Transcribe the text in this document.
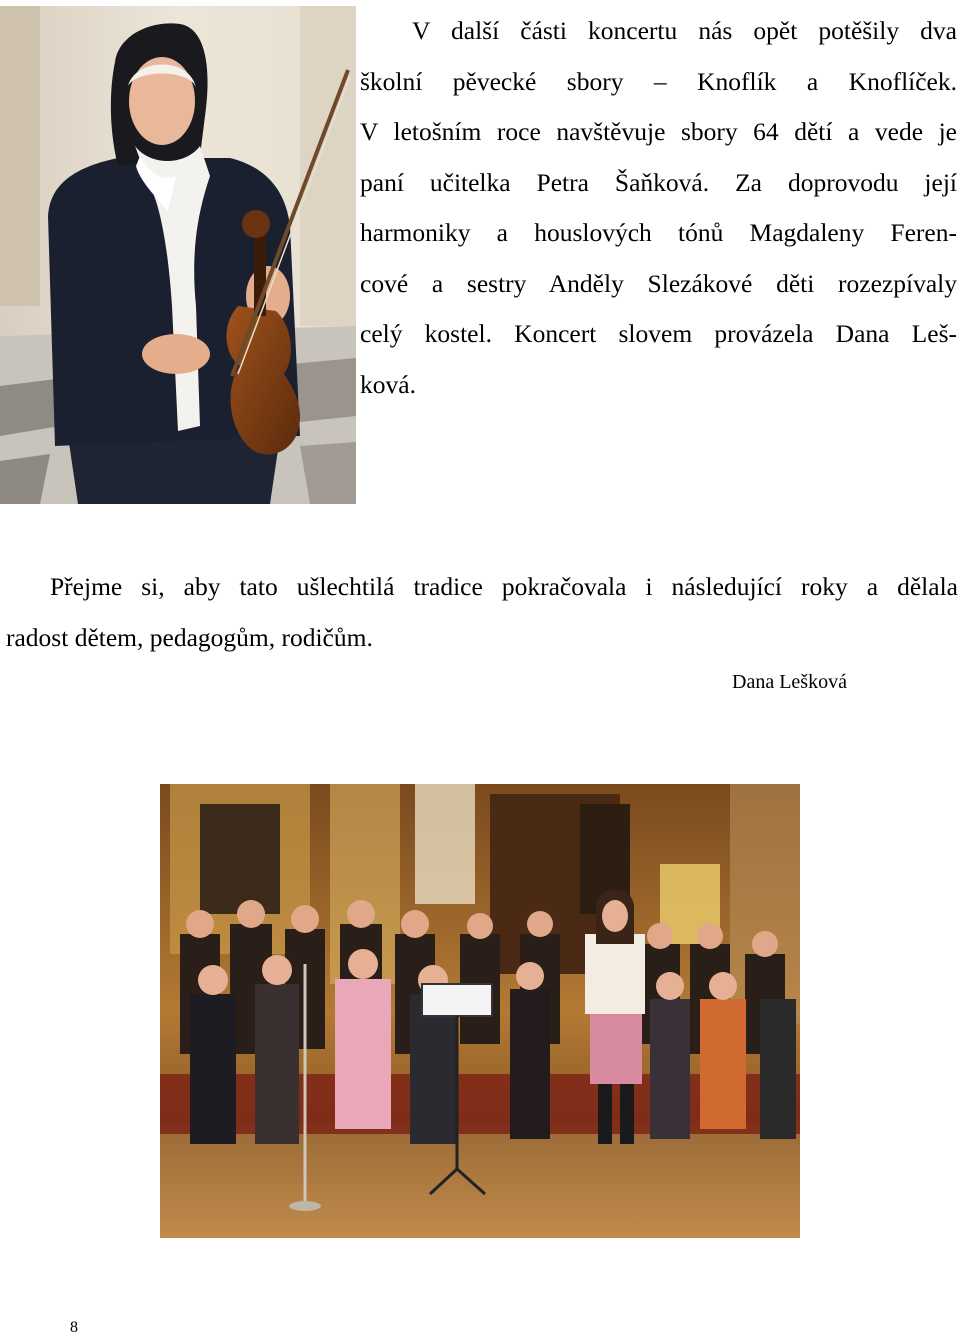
V další části koncertu nás opět potěšily dva
školní pěvecké sbory – Knoflík a Knoflíček.
V letošním roce navštěvuje sbory 64 dětí a vede je
paní učitelka Petra Šaňková. Za doprovodu její
harmoniky a houslových tónů Magdaleny Feren-
cové a sestry Anděly Slezákové děti rozezpívaly
celý kostel. Koncert slovem provázela Dana Leš-
ková.

Přejme si, aby tato ušlechtilá tradice pokračovala i následující roky a dělala
radost dětem, pedagogům, rodičům.

Dana Lešková

8
